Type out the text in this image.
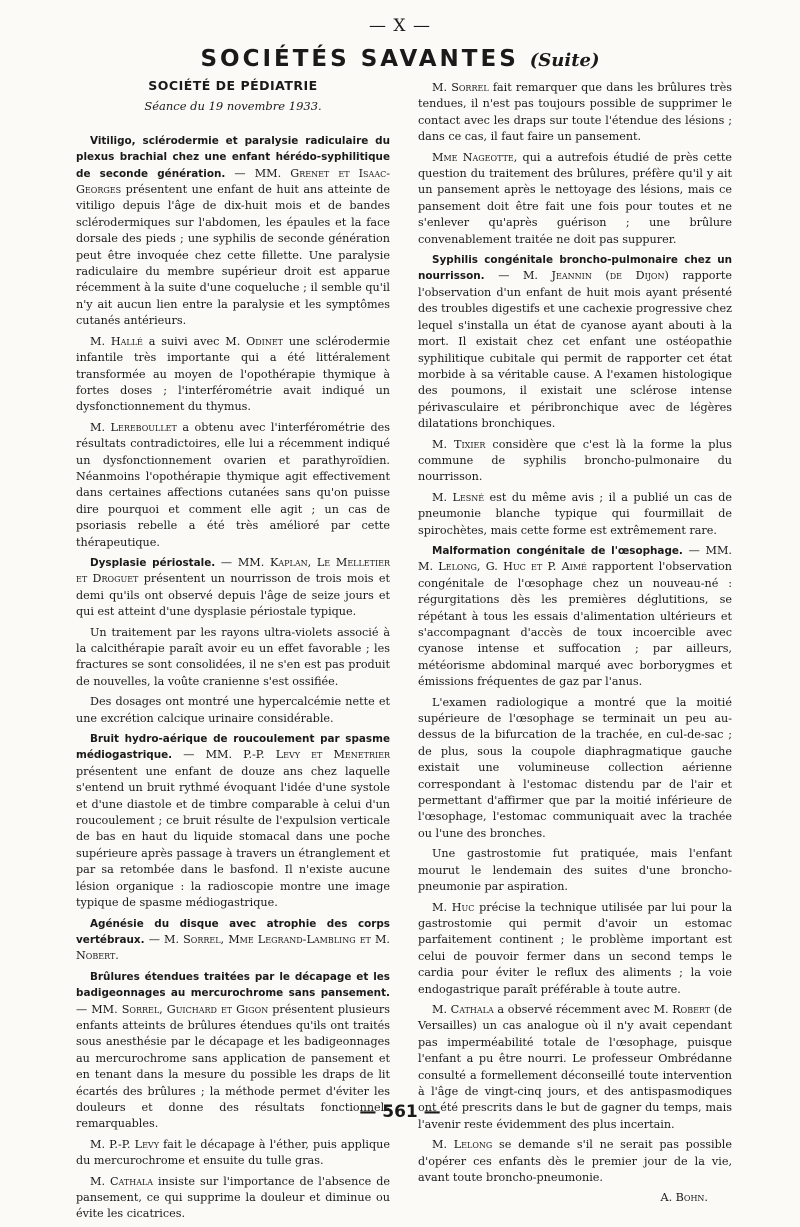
— X —
SOCIÉTÉS SAVANTES (Suite)
SOCIÉTÉ DE PÉDIATRIE
Séance du 19 novembre 1933.

Vitiligo, sclérodermie et paralysie radiculaire du plexus brachial chez une enfant hérédo-syphilitique de seconde génération. — MM. Grenet et Isaac-Georges présentent une enfant de huit ans atteinte de vitiligo depuis l'âge de dix-huit mois et de bandes sclérodermiques sur l'abdomen, les épaules et la face dorsale des pieds ; une syphilis de seconde génération peut être invoquée chez cette fillette. Une paralysie radiculaire du membre supérieur droit est apparue récemment à la suite d'une coqueluche ; il semble qu'il n'y ait aucun lien entre la paralysie et les symptômes cutanés antérieurs.

M. Hallé a suivi avec M. Odinet une sclérodermie infantile très importante qui a été littéralement transformée au moyen de l'opothérapie thymique à fortes doses ; l'interférométrie avait indiqué un dysfonctionnement du thymus.

M. Lereboullet a obtenu avec l'interférométrie des résultats contradictoires, elle lui a récemment indiqué un dysfonctionnement ovarien et parathyroïdien. Néanmoins l'opothérapie thymique agit effectivement dans certaines affections cutanées sans qu'on puisse dire pourquoi et comment elle agit ; un cas de psoriasis rebelle a été très amélioré par cette thérapeutique.

Dysplasie périostale. — MM. Kaplan, Le Melletier et Droguet présentent un nourrisson de trois mois et demi qu'ils ont observé depuis l'âge de seize jours et qui est atteint d'une dysplasie périostale typique.

Un traitement par les rayons ultra-violets associé à la calcithérapie paraît avoir eu un effet favorable ; les fractures se sont consolidées, il ne s'en est pas produit de nouvelles, la voûte cranienne s'est ossifiée.

Des dosages ont montré une hypercalcémie nette et une excrétion calcique urinaire considérable.

Bruit hydro-aérique de roucoulement par spasme médiogastrique. — MM. P.-P. Levy et Menetrier présentent une enfant de douze ans chez laquelle s'entend un bruit rythmé évoquant l'idée d'une systole et d'une diastole et de timbre comparable à celui d'un roucoulement ; ce bruit résulte de l'expulsion verticale de bas en haut du liquide stomacal dans une poche supérieure après passage à travers un étranglement et par sa retombée dans le basfond. Il n'existe aucune lésion organique : la radioscopie montre une image typique de spasme médiogastrique.

Agénésie du disque avec atrophie des corps vertébraux. — M. Sorrel, Mme Legrand-Lambling et M. Nobert.

Brûlures étendues traitées par le décapage et les badigeonnages au mercurochrome sans pansement. — MM. Sorrel, Guichard et Gigon présentent plusieurs enfants atteints de brûlures étendues qu'ils ont traités sous anesthésie par le décapage et les badigeonnages au mercurochrome sans application de pansement et en tenant dans la mesure du possible les draps de lit écartés des brûlures ; la méthode permet d'éviter les douleurs et donne des résultats fonctionnels remarquables.

M. P.-P. Levy fait le décapage à l'éther, puis applique du mercurochrome et ensuite du tulle gras.

M. Cathala insiste sur l'importance de l'absence de pansement, ce qui supprime la douleur et diminue ou évite les cicatrices.

M. Sorrel fait remarquer que dans les brûlures très tendues, il n'est pas toujours possible de supprimer le contact avec les draps sur toute l'étendue des lésions ; dans ce cas, il faut faire un pansement.

Mme Nageotte, qui a autrefois étudié de près cette question du traitement des brûlures, préfère qu'il y ait un pansement après le nettoyage des lésions, mais ce pansement doit être fait une fois pour toutes et ne s'enlever qu'après guérison ; une brûlure convenablement traitée ne doit pas suppurer.

Syphilis congénitale broncho-pulmonaire chez un nourrisson. — M. Jeannin (de Dijon) rapporte l'observation d'un enfant de huit mois ayant présenté des troubles digestifs et une cachexie progressive chez lequel s'installa un état de cyanose ayant abouti à la mort. Il existait chez cet enfant une ostéopathie syphilitique cubitale qui permit de rapporter cet état morbide à sa véritable cause. A l'examen histologique des poumons, il existait une sclérose intense périvasculaire et péribronchique avec de légères dilatations bronchiques.

M. Tixier considère que c'est là la forme la plus commune de syphilis broncho-pulmonaire du nourrisson.

M. Lesné est du même avis ; il a publié un cas de pneumonie blanche typique qui fourmillait de spirochètes, mais cette forme est extrêmement rare.

Malformation congénitale de l'œsophage. — MM. M. Lelong, G. Huc et P. Aimé rapportent l'observation congénitale de l'œsophage chez un nouveau-né : régurgitations dès les premières déglutitions, se répétant à tous les essais d'alimentation ultérieurs et s'accompagnant d'accès de toux incoercible avec cyanose intense et suffocation ; par ailleurs, météorisme abdominal marqué avec borborygmes et émissions fréquentes de gaz par l'anus.

L'examen radiologique a montré que la moitié supérieure de l'œsophage se terminait un peu au-dessus de la bifurcation de la trachée, en cul-de-sac ; de plus, sous la coupole diaphragmatique gauche existait une volumineuse collection aérienne correspondant à l'estomac distendu par de l'air et permettant d'affirmer que par la moitié inférieure de l'œsophage, l'estomac communiquait avec la trachée ou l'une des bronches.

Une gastrostomie fut pratiquée, mais l'enfant mourut le lendemain des suites d'une broncho-pneumonie par aspiration.

M. Huc précise la technique utilisée par lui pour la gastrostomie qui permit d'avoir un estomac parfaitement continent ; le problème important est celui de pouvoir fermer dans un second temps le cardia pour éviter le reflux des aliments ; la voie endogastrique paraît préférable à toute autre.

M. Cathala a observé récemment avec M. Robert (de Versailles) un cas analogue où il n'y avait cependant pas imperméabilité totale de l'œsophage, puisque l'enfant a pu être nourri. Le professeur Ombrédanne consulté a formellement déconseillé toute intervention à l'âge de vingt-cinq jours, et des antispasmodiques ont été prescrits dans le but de gagner du temps, mais l'avenir reste évidemment des plus incertain.

M. Lelong se demande s'il ne serait pas possible d'opérer ces enfants dès le premier jour de la vie, avant toute broncho-pneumonie.

A. Bohn.
— 561 —
